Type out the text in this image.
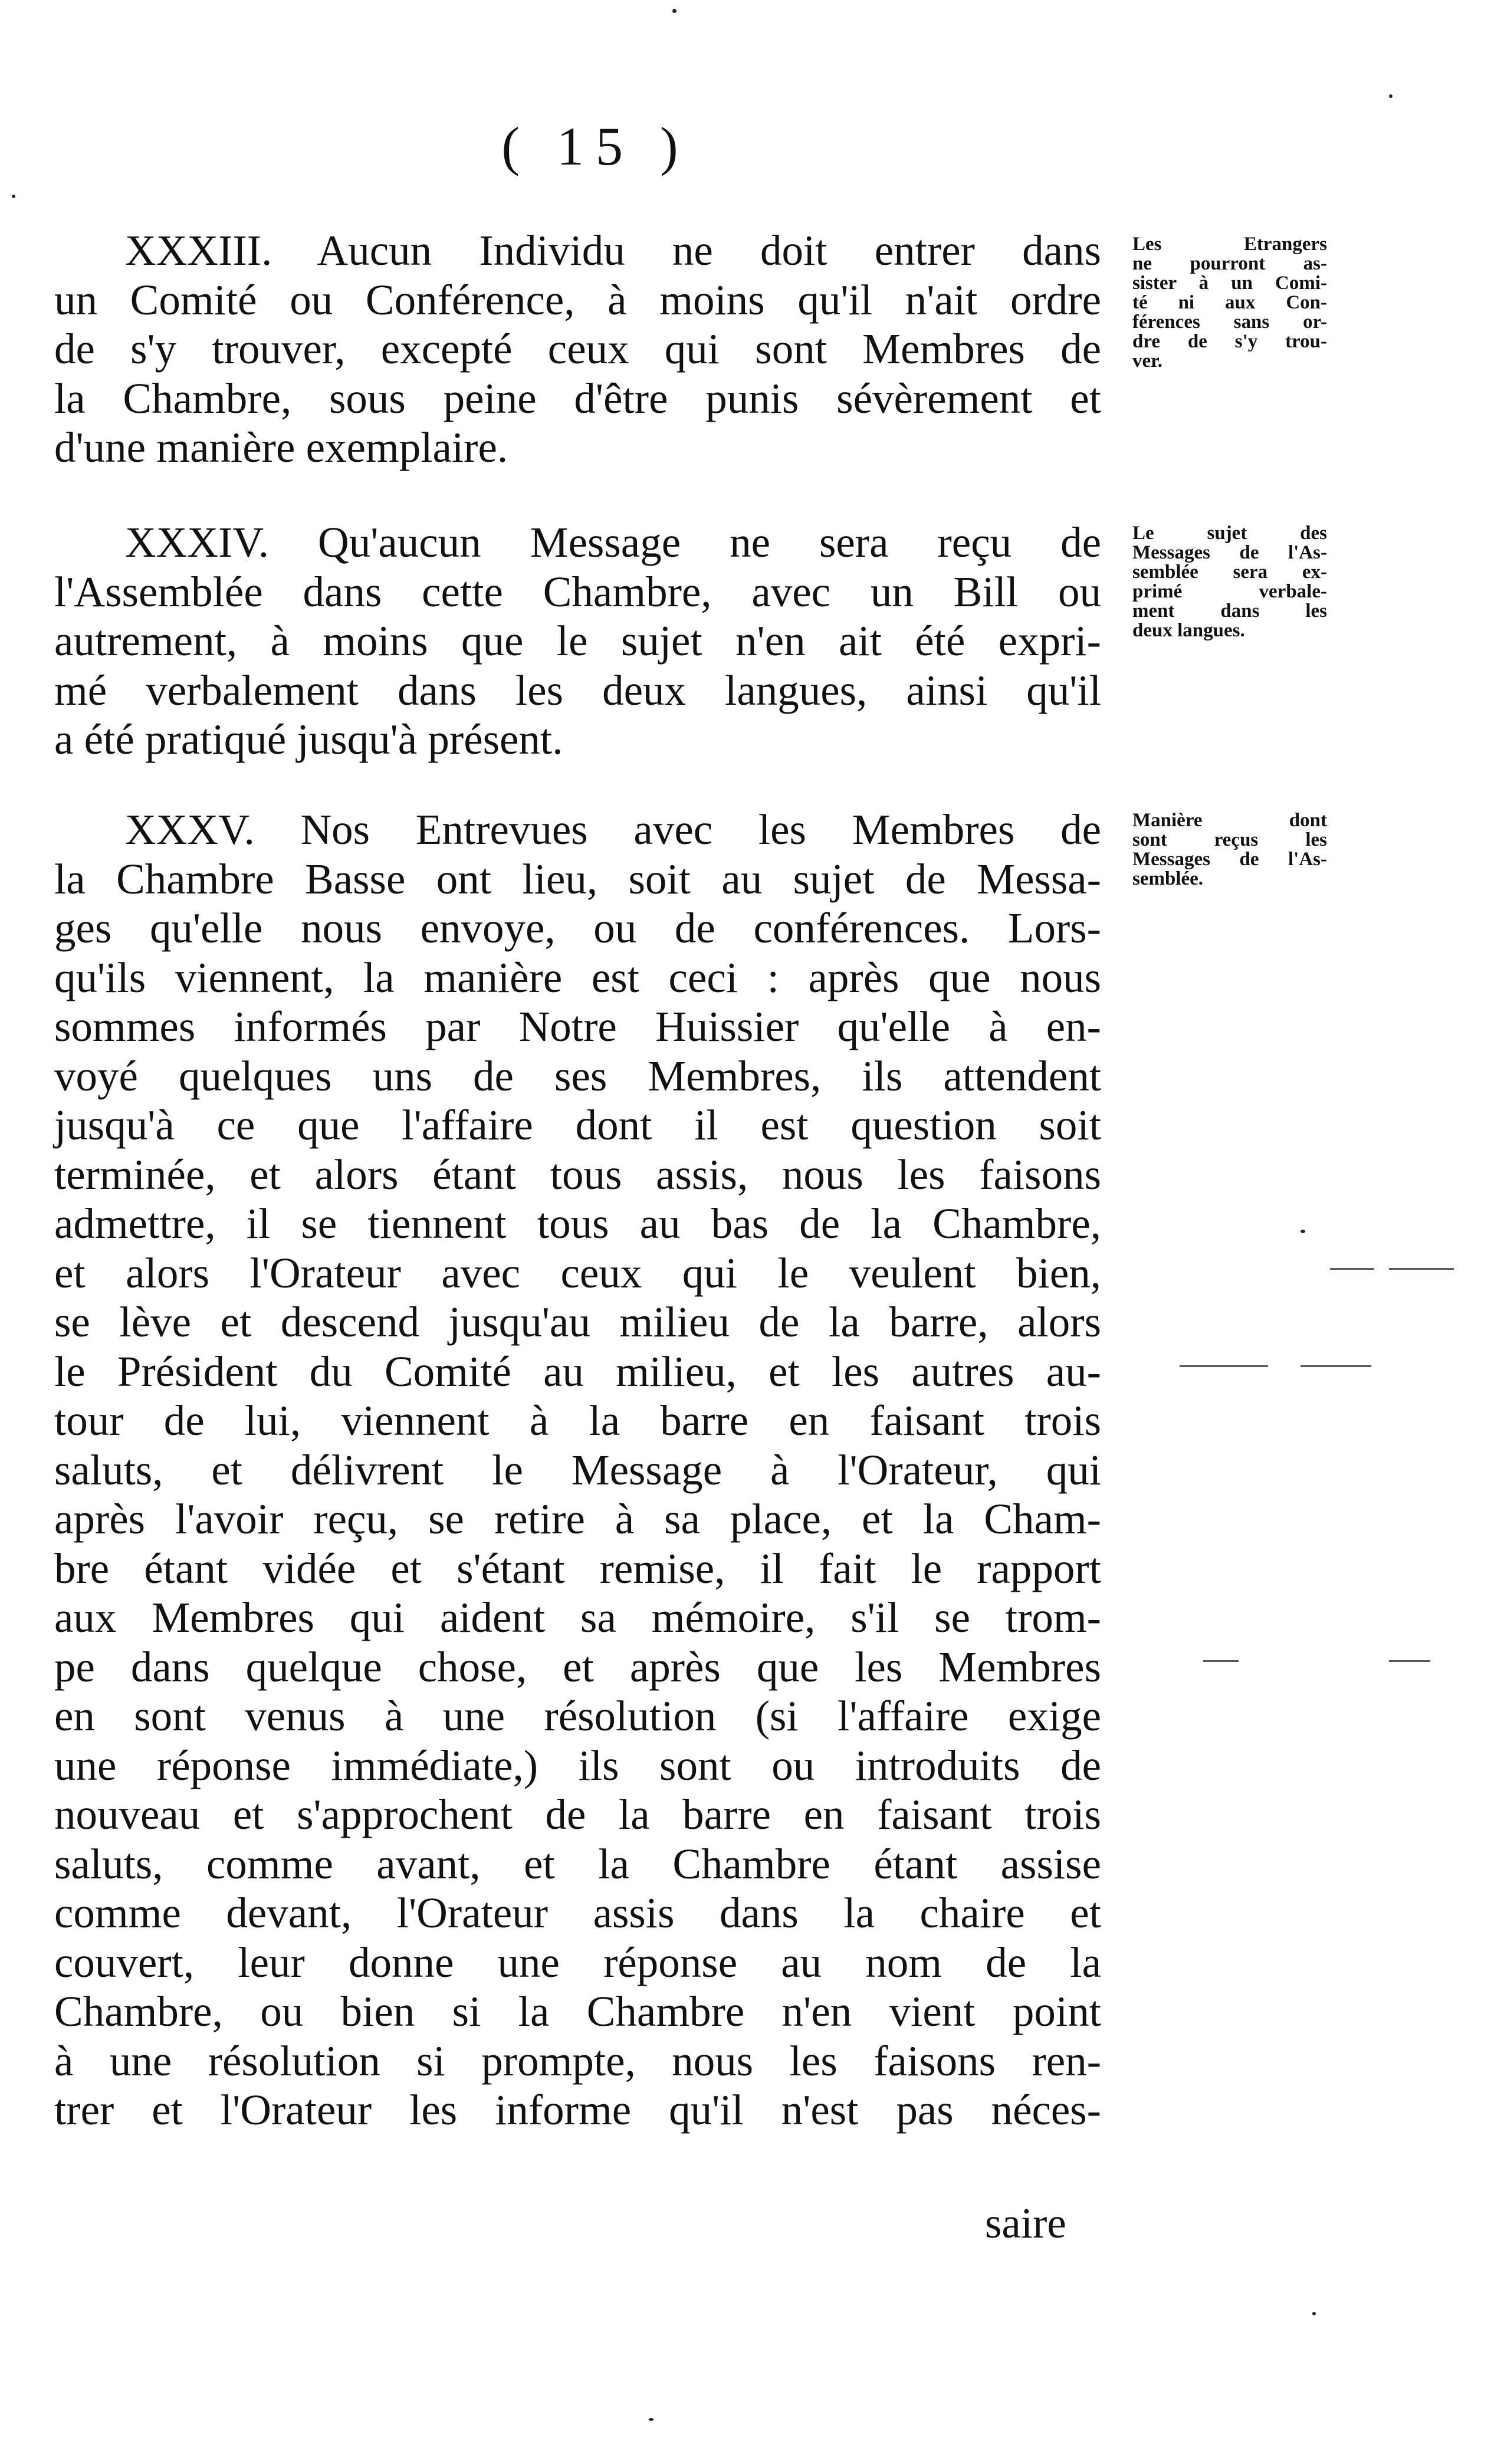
( 15 )
XXXIII. Aucun Individu ne doit entrer dans
un Comité ou Conférence, à moins qu'il n'ait ordre
de s'y trouver, excepté ceux qui sont Membres de
la Chambre, sous peine d'être punis sévèrement et
d'une manière exemplaire.
Les Etrangers
ne pourront as-
sister à un Comi-
té ni aux Con-
férences sans or-
dre de s'y trou-
ver.
XXXIV. Qu'aucun Message ne sera reçu de
l'Assemblée dans cette Chambre, avec un Bill ou
autrement, à moins que le sujet n'en ait été expri-
mé verbalement dans les deux langues, ainsi qu'il
a été pratiqué jusqu'à présent.
Le sujet des
Messages de l'As-
semblée sera ex-
primé verbale-
ment dans les
deux langues.
XXXV. Nos Entrevues avec les Membres de
la Chambre Basse ont lieu, soit au sujet de Messa-
ges qu'elle nous envoye, ou de conférences. Lors-
qu'ils viennent, la manière est ceci : après que nous
sommes informés par Notre Huissier qu'elle à en-
voyé quelques uns de ses Membres, ils attendent
jusqu'à ce que l'affaire dont il est question soit
terminée, et alors étant tous assis, nous les faisons
admettre, il se tiennent tous au bas de la Chambre,
et alors l'Orateur avec ceux qui le veulent bien,
se lève et descend jusqu'au milieu de la barre, alors
le Président du Comité au milieu, et les autres au-
tour de lui, viennent à la barre en faisant trois
saluts, et délivrent le Message à l'Orateur, qui
après l'avoir reçu, se retire à sa place, et la Cham-
bre étant vidée et s'étant remise, il fait le rapport
aux Membres qui aident sa mémoire, s'il se trom-
pe dans quelque chose, et après que les Membres
en sont venus à une résolution (si l'affaire exige
une réponse immédiate,) ils sont ou introduits de
nouveau et s'approchent de la barre en faisant trois
saluts, comme avant, et la Chambre étant assise
comme devant, l'Orateur assis dans la chaire et
couvert, leur donne une réponse au nom de la
Chambre, ou bien si la Chambre n'en vient point
à une résolution si prompte, nous les faisons ren-
trer et l'Orateur les informe qu'il n'est pas néces-
Manière dont
sont reçus les
Messages de l'As-
semblée.
saire
